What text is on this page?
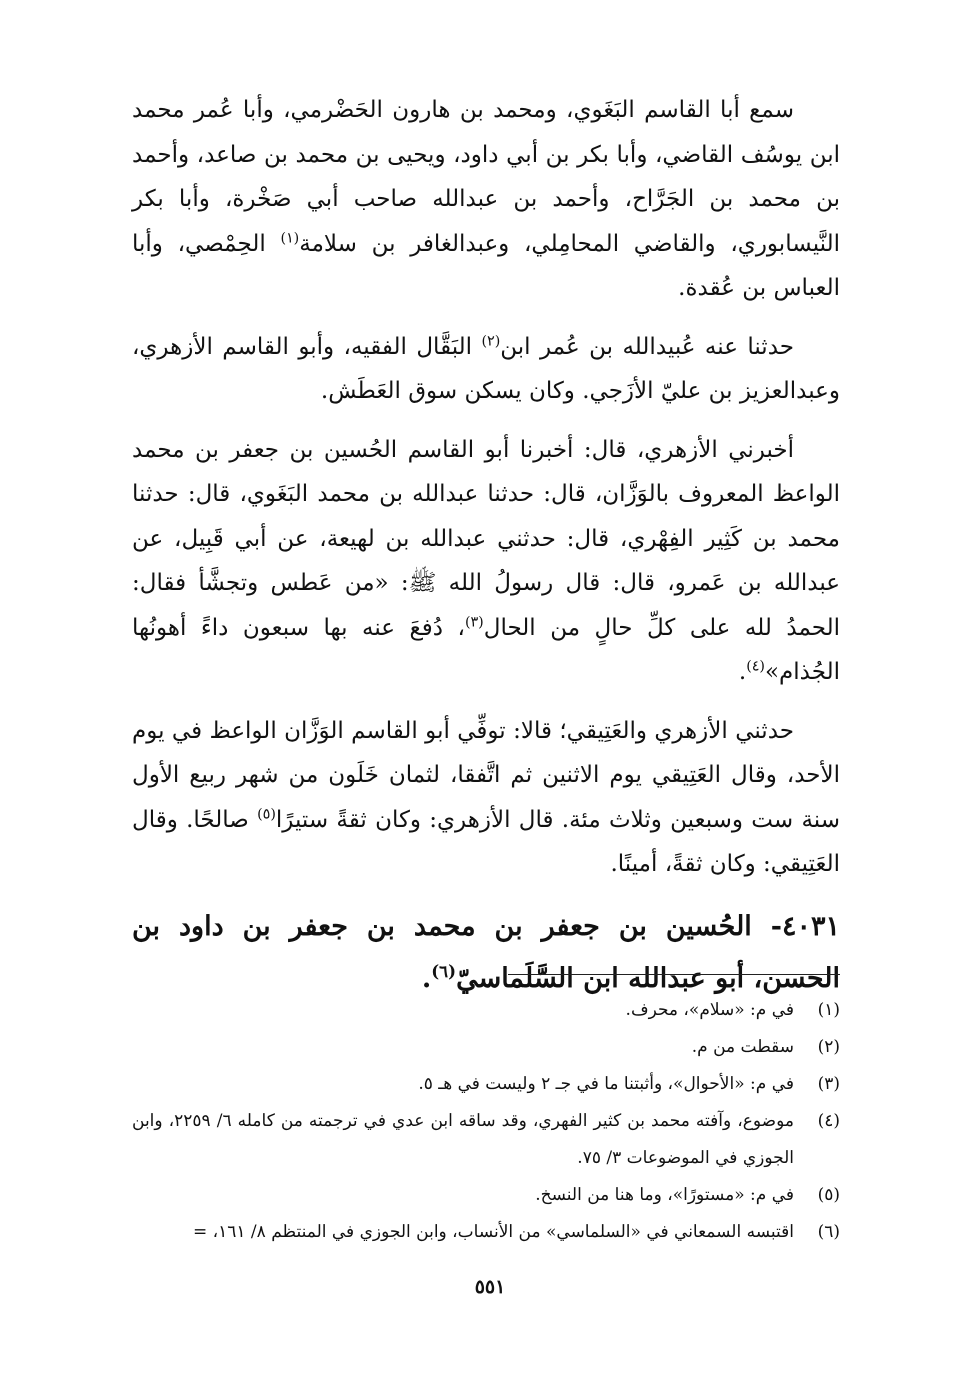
سمع أبا القاسم البَغَوي، ومحمد بن هارون الحَضْرمي، وأبا عُمر محمد ابن يوسُف القاضي، وأبا بكر بن أبي داود، ويحيى بن محمد بن صاعد، وأحمد بن محمد بن الجَرَّاح، وأحمد بن عبدالله صاحب أبي صَخْرة، وأبا بكر النَّيسابوري، والقاضي المحامِلي، وعبدالغافر بن سلامة$^{(١)}$ الحِمْصي، وأبا العباس بن عُقدة.

حدثنا عنه عُبيدالله بن عُمر ابن$^{(٢)}$ البَقَّال الفقيه، وأبو القاسم الأزهري، وعبدالعزيز بن عليّ الأزَجي. وكان يسكن سوق العَطَش.

أخبرني الأزهري، قال: أخبرنا أبو القاسم الحُسين بن جعفر بن محمد الواعظ المعروف بالوَزَّان، قال: حدثنا عبدالله بن محمد البَغَوي، قال: حدثنا محمد بن كَثِير الفِهْري، قال: حدثني عبدالله بن لهيعة، عن أبي قَبِيل، عن عبدالله بن عَمرو، قال: قال رسولُ الله ﷺ: «من عَطس وتجشَّأ فقال: الحمدُ لله على كلِّ حالٍ من الحال$^{(٣)}$، دُفعَ عنه بها سبعون داءً أهونُها الجُذام»$^{(٤)}$.

حدثني الأزهري والعَتِيقي؛ قالا: توفِّي أبو القاسم الوَزَّان الواعظ في يوم الأحد، وقال العَتِيقي يوم الاثنين ثم اتَّفقا، لثمان خَلَون من شهر ربيع الأول سنة ست وسبعين وثلاث مئة. قال الأزهري: وكان ثقةً ستيرًا$^{(٥)}$ صالحًا. وقال العَتِيقي: وكان ثقةً، أمينًا.

٤٠٣١- الحُسين بن جعفر بن محمد بن جعفر بن داود بن الحسن، أبو عبدالله ابن السَّلَماسيّ$^{(٦)}$.

(١)
في م: «سلام»، محرف.
(٢)
سقطت من م.
(٣)
في م: «الأحوال»، وأثبتنا ما في جـ ٢ وليست في هـ ٥.
(٤)
موضوع، وآفته محمد بن كثير الفهري، وقد ساقه ابن عدي في ترجمته من كامله ٦/ ٢٢٥٩، وابن الجوزي في الموضوعات ٣/ ٧٥.
(٥)
في م: «مستورًا»، وما هنا من النسخ.
(٦)
اقتبسه السمعاني في «السلماسي» من الأنساب، وابن الجوزي في المنتظم ٨/ ١٦١، =
٥٥١
